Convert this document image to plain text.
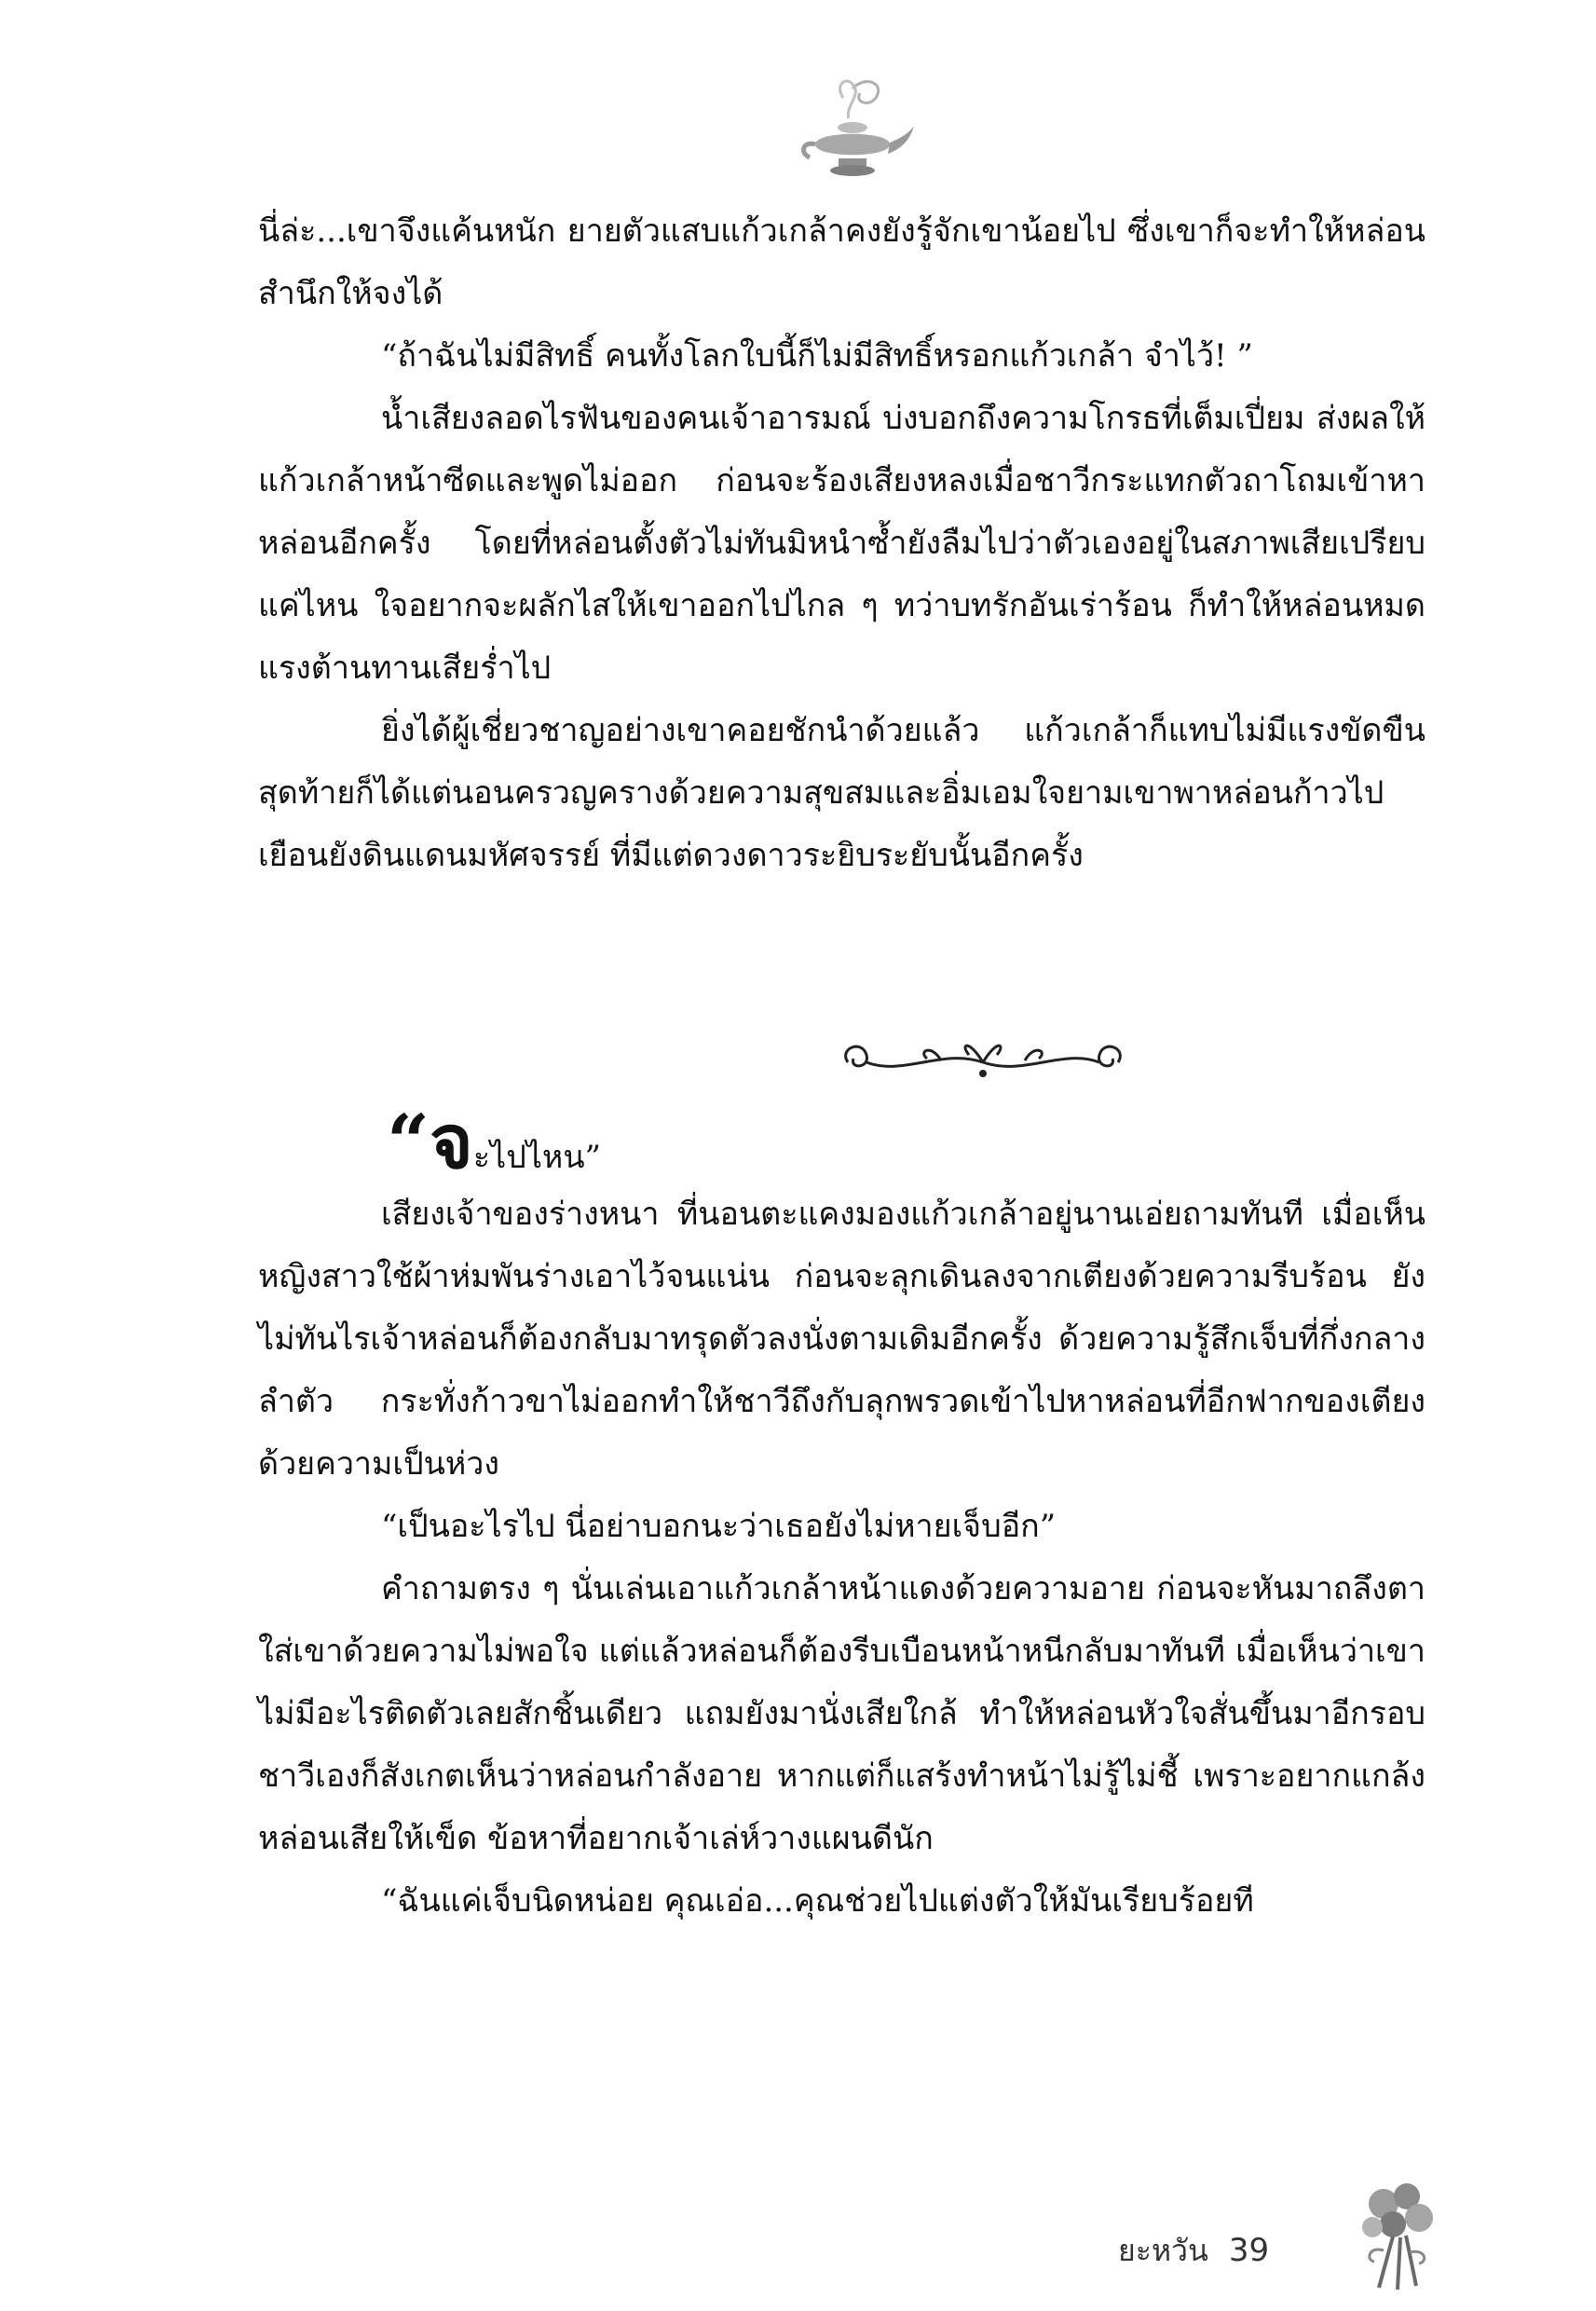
นี่ล่ะ...เขาจึงแค้นหนัก ยายตัวแสบแก้วเกล้าคงยังรู้จักเขาน้อยไป ซึ่งเขาก็จะทำให้หล่อนสำนึกให้จงได้

“ถ้าฉันไม่มีสิทธิ์ คนทั้งโลกใบนี้ก็ไม่มีสิทธิ์หรอกแก้วเกล้า จำไว้! ”

น้ำเสียงลอดไรฟันของคนเจ้าอารมณ์ บ่งบอกถึงความโกรธที่เต็มเปี่ยม ส่งผลให้แก้วเกล้าหน้าซีดและพูดไม่ออก ก่อนจะร้องเสียงหลงเมื่อชาวีกระแทกตัวถาโถมเข้าหาหล่อนอีกครั้ง โดยที่หล่อนตั้งตัวไม่ทันมิหนำซ้ำยังลืมไปว่าตัวเองอยู่ในสภาพเสียเปรียบแค่ไหน ใจอยากจะผลักไสให้เขาออกไปไกล ๆ ทว่าบทรักอันเร่าร้อน ก็ทำให้หล่อนหมดแรงต้านทานเสียร่ำไป

ยิ่งได้ผู้เชี่ยวชาญอย่างเขาคอยชักนำด้วยแล้ว แก้วเกล้าก็แทบไม่มีแรงขัดขืน สุดท้ายก็ได้แต่นอนครวญครางด้วยความสุขสมและอิ่มเอมใจยามเขาพาหล่อนก้าวไปเยือนยังดินแดนมหัศจรรย์ ที่มีแต่ดวงดาวระยิบระยับนั้นอีกครั้ง

“จะไปไหน”

เสียงเจ้าของร่างหนา ที่นอนตะแคงมองแก้วเกล้าอยู่นานเอ่ยถามทันที เมื่อเห็นหญิงสาวใช้ผ้าห่มพันร่างเอาไว้จนแน่น ก่อนจะลุกเดินลงจากเตียงด้วยความรีบร้อน ยังไม่ทันไรเจ้าหล่อนก็ต้องกลับมาทรุดตัวลงนั่งตามเดิมอีกครั้ง ด้วยความรู้สึกเจ็บที่กึ่งกลางลำตัว กระทั่งก้าวขาไม่ออกทำให้ชาวีถึงกับลุกพรวดเข้าไปหาหล่อนที่อีกฟากของเตียงด้วยความเป็นห่วง

“เป็นอะไรไป นี่อย่าบอกนะว่าเธอยังไม่หายเจ็บอีก”

คำถามตรง ๆ นั่นเล่นเอาแก้วเกล้าหน้าแดงด้วยความอาย ก่อนจะหันมาถลึงตาใส่เขาด้วยความไม่พอใจ แต่แล้วหล่อนก็ต้องรีบเบือนหน้าหนีกลับมาทันที เมื่อเห็นว่าเขาไม่มีอะไรติดตัวเลยสักชิ้นเดียว แถมยังมานั่งเสียใกล้ ทำให้หล่อนหัวใจสั่นขึ้นมาอีกรอบ ชาวีเองก็สังเกตเห็นว่าหล่อนกำลังอาย หากแต่ก็แสร้งทำหน้าไม่รู้ไม่ชี้ เพราะอยากแกล้งหล่อนเสียให้เข็ด ข้อหาที่อยากเจ้าเล่ห์วางแผนดีนัก

“ฉันแค่เจ็บนิดหน่อย คุณเอ่อ...คุณช่วยไปแต่งตัวให้มันเรียบร้อยที

ยะหวัน 39
